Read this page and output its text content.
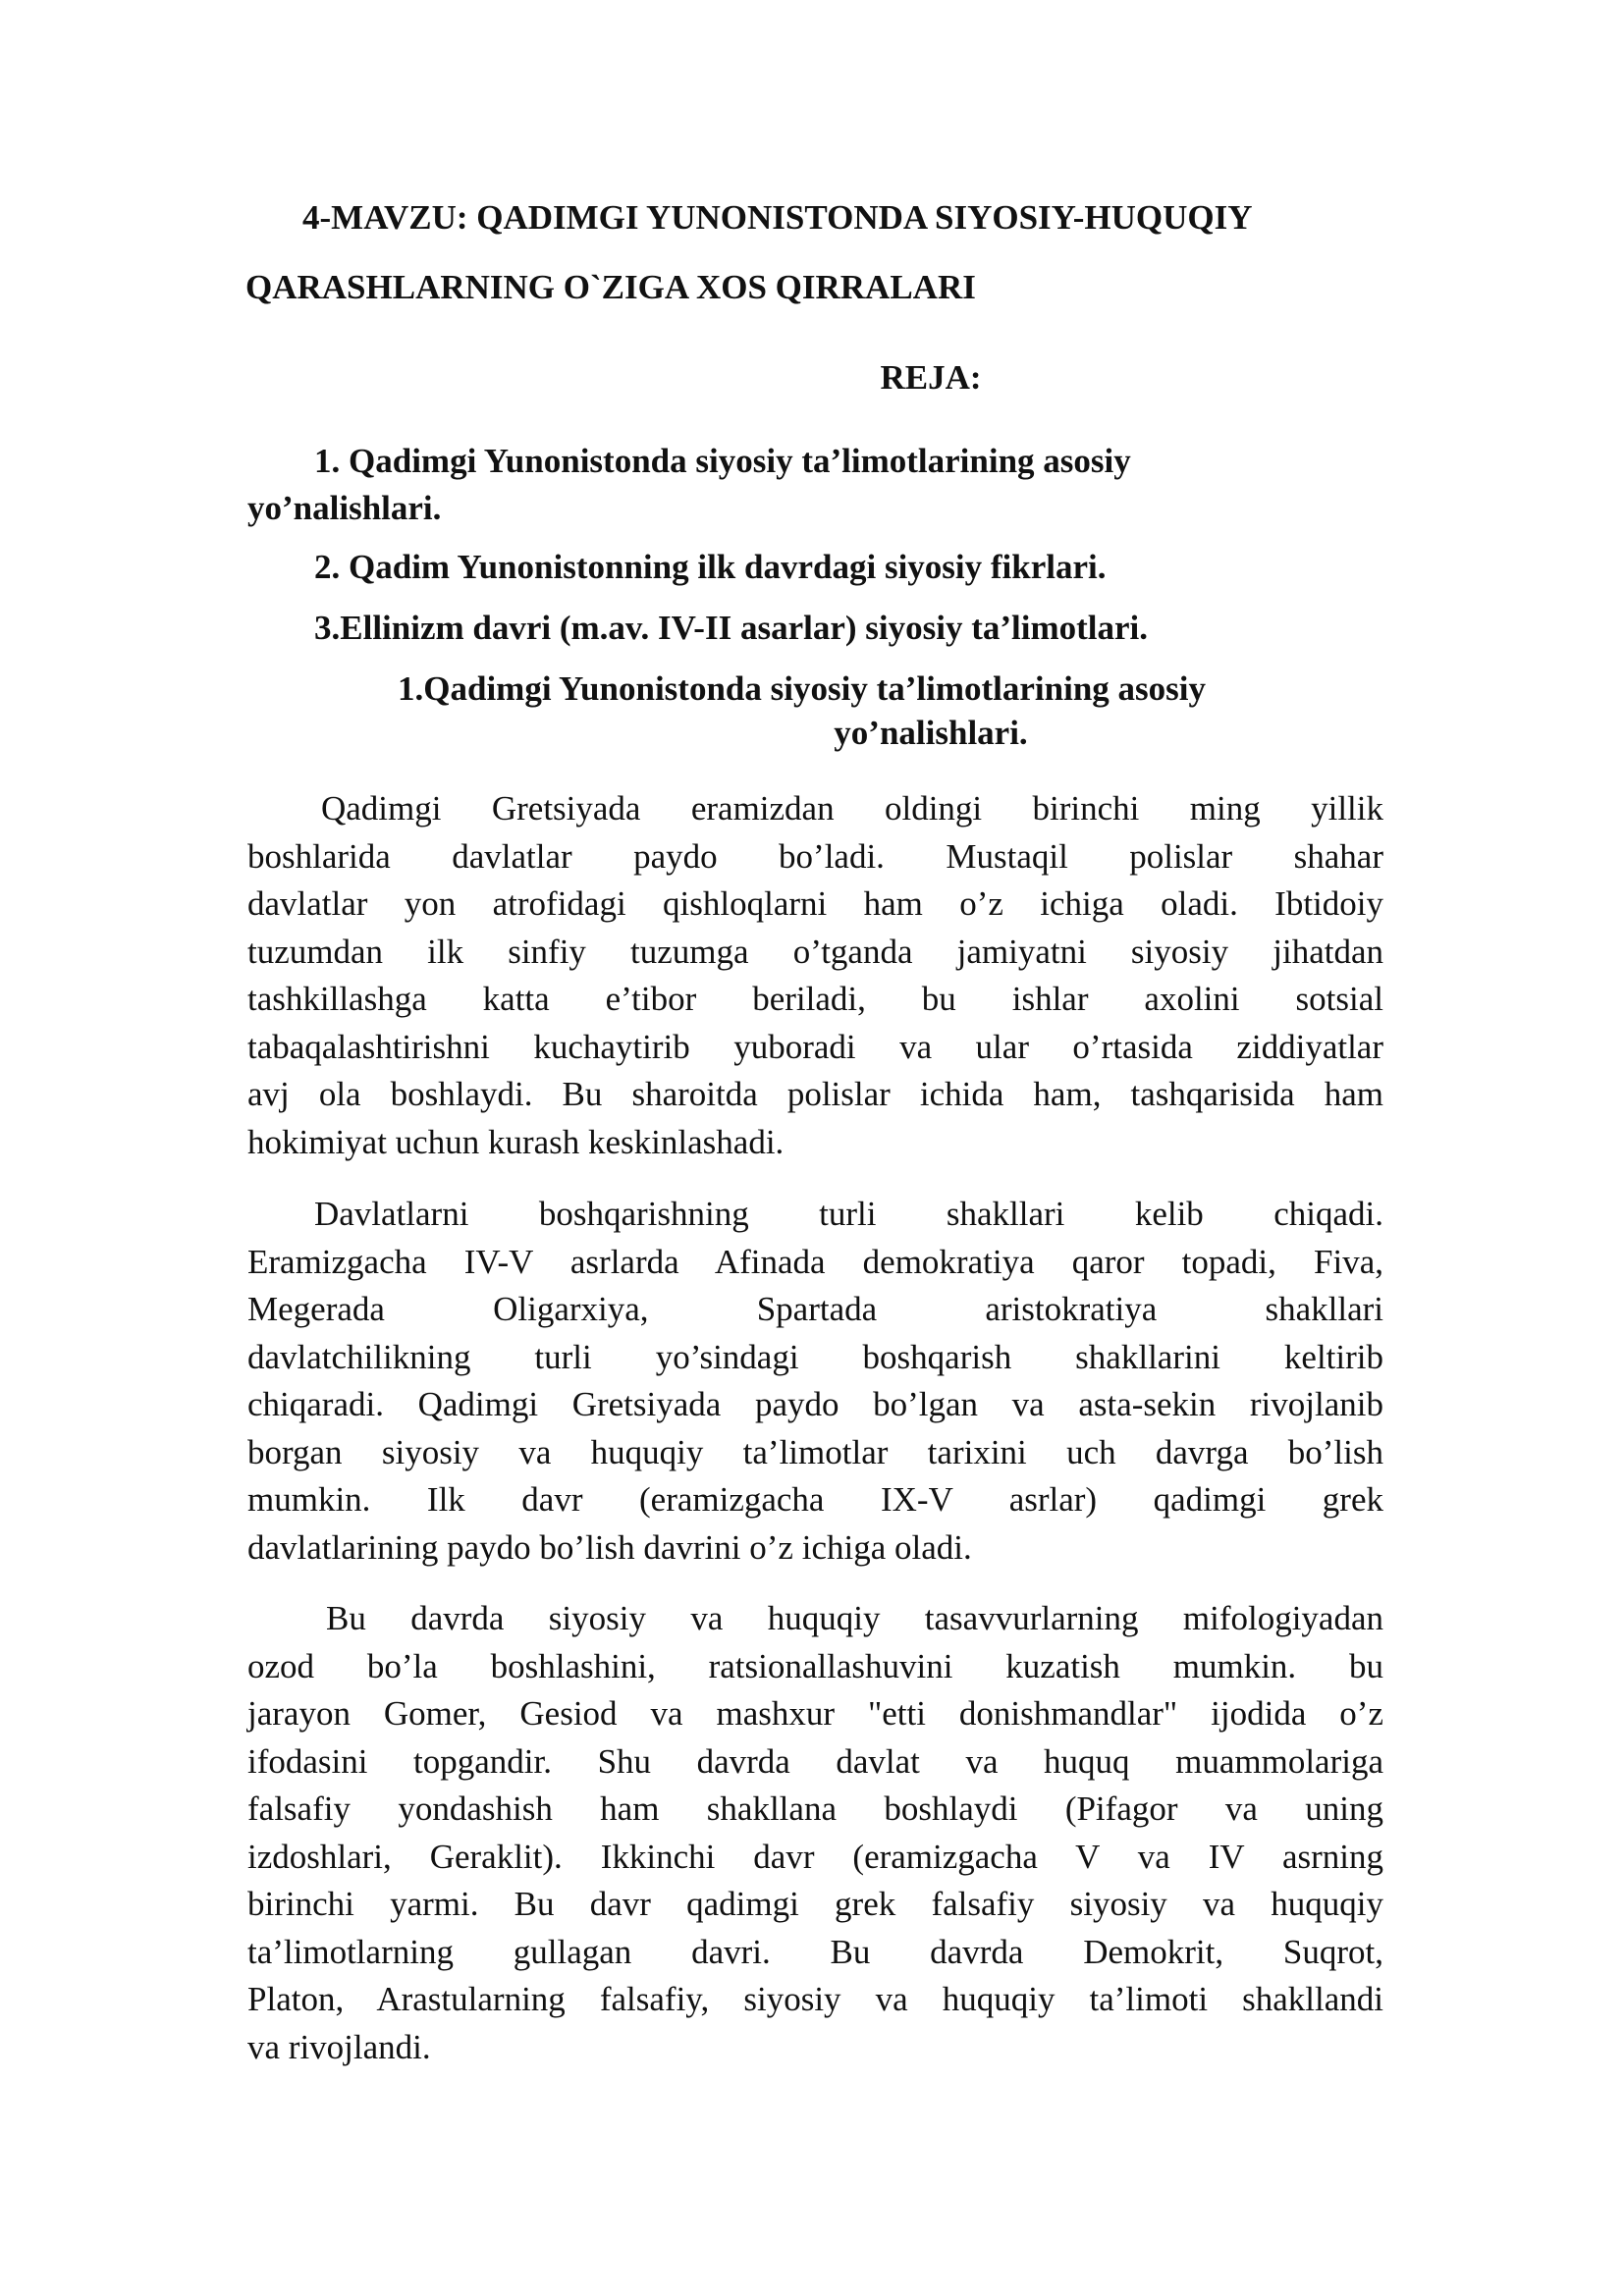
4-MAVZU: QADIMGI YUNONISTONDA SIYOSIY-HUQUQIY
QARASHLARNING O`ZIGA XOS QIRRALARI
REJA:
1. Qadimgi Yunonistonda siyosiy ta’limotlarining asosiy
yo’nalishlari.
2. Qadim Yunonistonning ilk davrdagi siyosiy fikrlari.
3.Ellinizm davri (m.av. IV-II asarlar) siyosiy ta’limotlari.
1.Qadimgi Yunonistonda siyosiy ta’limotlarining asosiy
yo’nalishlari.
Qadimgi Gretsiyada eramizdan oldingi birinchi ming yillik
boshlarida davlatlar paydo bo’ladi. Mustaqil polislar shahar
davlatlar yon atrofidagi qishloqlarni ham o’z ichiga oladi. Ibtidoiy
tuzumdan ilk sinfiy tuzumga o’tganda jamiyatni siyosiy jihatdan
tashkillashga katta e’tibor beriladi, bu ishlar axolini sotsial
tabaqalashtirishni kuchaytirib yuboradi va ular o’rtasida ziddiyatlar
avj ola boshlaydi. Bu sharoitda polislar ichida ham, tashqarisida ham
hokimiyat uchun kurash keskinlashadi.
Davlatlarni boshqarishning turli shakllari kelib chiqadi.
Eramizgacha IV-V asrlarda Afinada demokratiya qaror topadi, Fiva,
Megerada Oligarxiya, Spartada aristokratiya shakllari
davlatchilikning turli yo’sindagi boshqarish shakllarini keltirib
chiqaradi. Qadimgi Gretsiyada paydo bo’lgan va asta-sekin rivojlanib
borgan siyosiy va huquqiy ta’limotlar tarixini uch davrga bo’lish
mumkin. Ilk davr (eramizgacha IX-V asrlar) qadimgi grek
davlatlarining paydo bo’lish davrini o’z ichiga oladi.
Bu davrda siyosiy va huquqiy tasavvurlarning mifologiyadan
ozod bo’la boshlashini, ratsionallashuvini kuzatish mumkin. bu
jarayon Gomer, Gesiod va mashxur "etti donishmandlar" ijodida o’z
ifodasini topgandir. Shu davrda davlat va huquq muammolariga
falsafiy yondashish ham shakllana boshlaydi (Pifagor va uning
izdoshlari, Geraklit). Ikkinchi davr (eramizgacha V va IV asrning
birinchi yarmi. Bu davr qadimgi grek falsafiy siyosiy va huquqiy
ta’limotlarning gullagan davri. Bu davrda Demokrit, Suqrot,
Platon, Arastularning falsafiy, siyosiy va huquqiy ta’limoti shakllandi
va rivojlandi.
